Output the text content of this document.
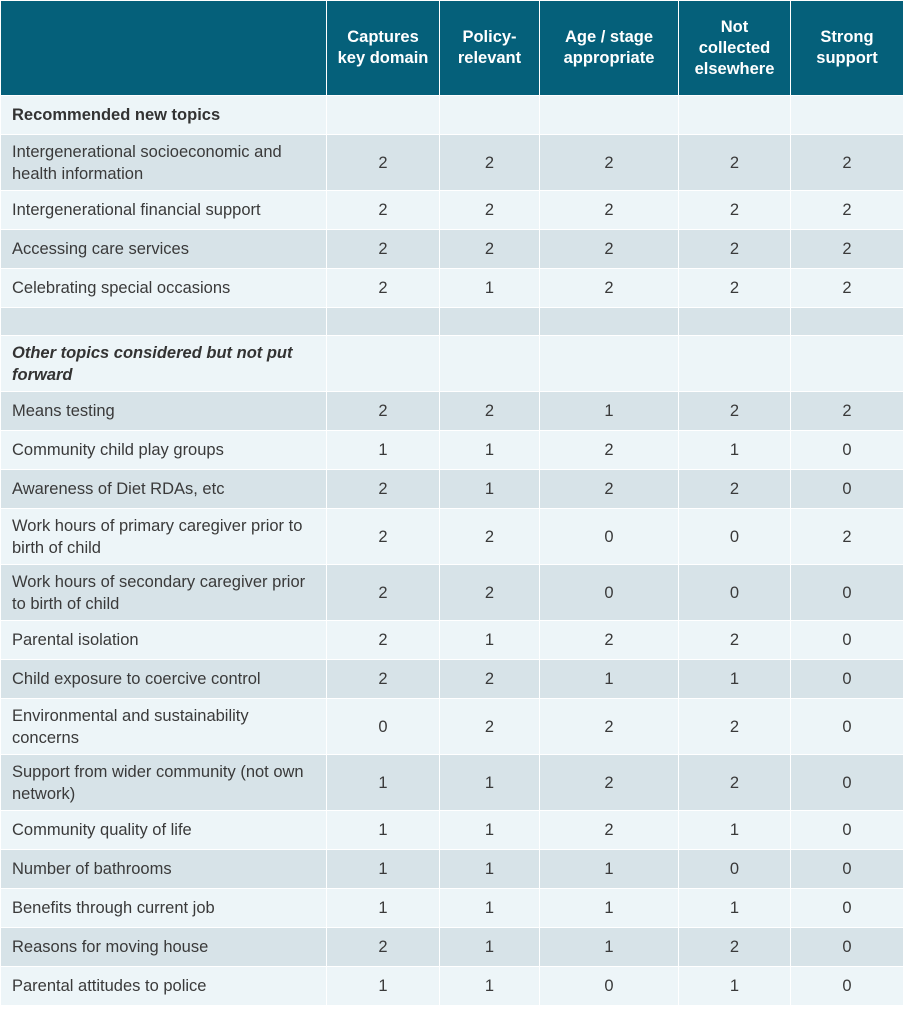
	Captures key domain	Policy-relevant	Age / stage appropriate	Not collected elsewhere	Strong support
Recommended new topics					
Intergenerational socioeconomic and health information	2	2	2	2	2
Intergenerational financial support	2	2	2	2	2
Accessing care services	2	2	2	2	2
Celebrating special occasions	2	1	2	2	2

Other topics considered but not put forward					
Means testing	2	2	1	2	2
Community child play groups	1	1	2	1	0
Awareness of Diet RDAs, etc	2	1	2	2	0
Work hours of primary caregiver prior to birth of child	2	2	0	0	2
Work hours of secondary caregiver prior to birth of child	2	2	0	0	0
Parental isolation	2	1	2	2	0
Child exposure to coercive control	2	2	1	1	0
Environmental and sustainability concerns	0	2	2	2	0
Support from wider community (not own network)	1	1	2	2	0
Community quality of life	1	1	2	1	0
Number of bathrooms	1	1	1	0	0
Benefits through current job	1	1	1	1	0
Reasons for moving house	2	1	1	2	0
Parental attitudes to police	1	1	0	1	0
